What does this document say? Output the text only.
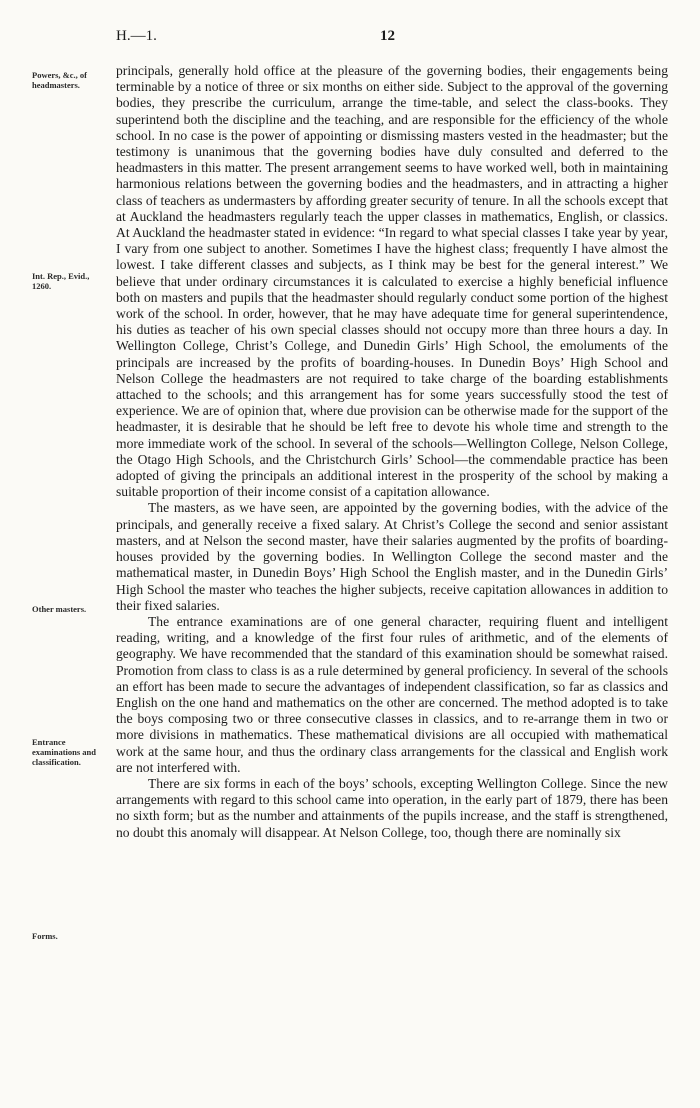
H.—1.	12
Powers, &c., of headmasters.
Int. Rep., Evid., 1260.
Other masters.
Entrance examinations and classification.
Forms.

principals, generally hold office at the pleasure of the governing bodies, their engagements being terminable by a notice of three or six months on either side. Subject to the approval of the governing bodies, they prescribe the curriculum, arrange the time-table, and select the class-books. They superintend both the discipline and the teaching, and are responsible for the efficiency of the whole school. In no case is the power of appointing or dismissing masters vested in the headmaster; but the testimony is unanimous that the governing bodies have duly consulted and deferred to the headmasters in this matter. The present arrangement seems to have worked well, both in maintaining harmonious relations between the governing bodies and the headmasters, and in attracting a higher class of teachers as undermasters by affording greater security of tenure. In all the schools except that at Auckland the headmasters regularly teach the upper classes in mathematics, English, or classics. At Auckland the headmaster stated in evidence: “In regard to what special classes I take year by year, I vary from one subject to another. Sometimes I have the highest class; frequently I have almost the lowest. I take different classes and subjects, as I think may be best for the general interest.” We believe that under ordinary circumstances it is calculated to exercise a highly beneficial influence both on masters and pupils that the headmaster should regularly conduct some portion of the highest work of the school. In order, however, that he may have adequate time for general superintendence, his duties as teacher of his own special classes should not occupy more than three hours a day. In Wellington College, Christ’s College, and Dunedin Girls’ High School, the emoluments of the principals are increased by the profits of boarding-houses. In Dunedin Boys’ High School and Nelson College the headmasters are not required to take charge of the boarding establishments attached to the schools; and this arrangement has for some years successfully stood the test of experience. We are of opinion that, where due provision can be otherwise made for the support of the headmaster, it is desirable that he should be left free to devote his whole time and strength to the more immediate work of the school. In several of the schools—Wellington College, Nelson College, the Otago High Schools, and the Christchurch Girls’ School—the commendable practice has been adopted of giving the principals an additional interest in the prosperity of the school by making a suitable proportion of their income consist of a capitation allowance.

The masters, as we have seen, are appointed by the governing bodies, with the advice of the principals, and generally receive a fixed salary. At Christ’s College the second and senior assistant masters, and at Nelson the second master, have their salaries augmented by the profits of boarding-houses provided by the governing bodies. In Wellington College the second master and the mathematical master, in Dunedin Boys’ High School the English master, and in the Dunedin Girls’ High School the master who teaches the higher subjects, receive capitation allowances in addition to their fixed salaries.

The entrance examinations are of one general character, requiring fluent and intelligent reading, writing, and a knowledge of the first four rules of arithmetic, and of the elements of geography. We have recommended that the standard of this examination should be somewhat raised. Promotion from class to class is as a rule determined by general proficiency. In several of the schools an effort has been made to secure the advantages of independent classification, so far as classics and English on the one hand and mathematics on the other are concerned. The method adopted is to take the boys composing two or three consecutive classes in classics, and to re-arrange them in two or more divisions in mathematics. These mathematical divisions are all occupied with mathematical work at the same hour, and thus the ordinary class arrangements for the classical and English work are not interfered with.

There are six forms in each of the boys’ schools, excepting Wellington College. Since the new arrangements with regard to this school came into operation, in the early part of 1879, there has been no sixth form; but as the number and attainments of the pupils increase, and the staff is strengthened, no doubt this anomaly will disappear. At Nelson College, too, though there are nominally six
